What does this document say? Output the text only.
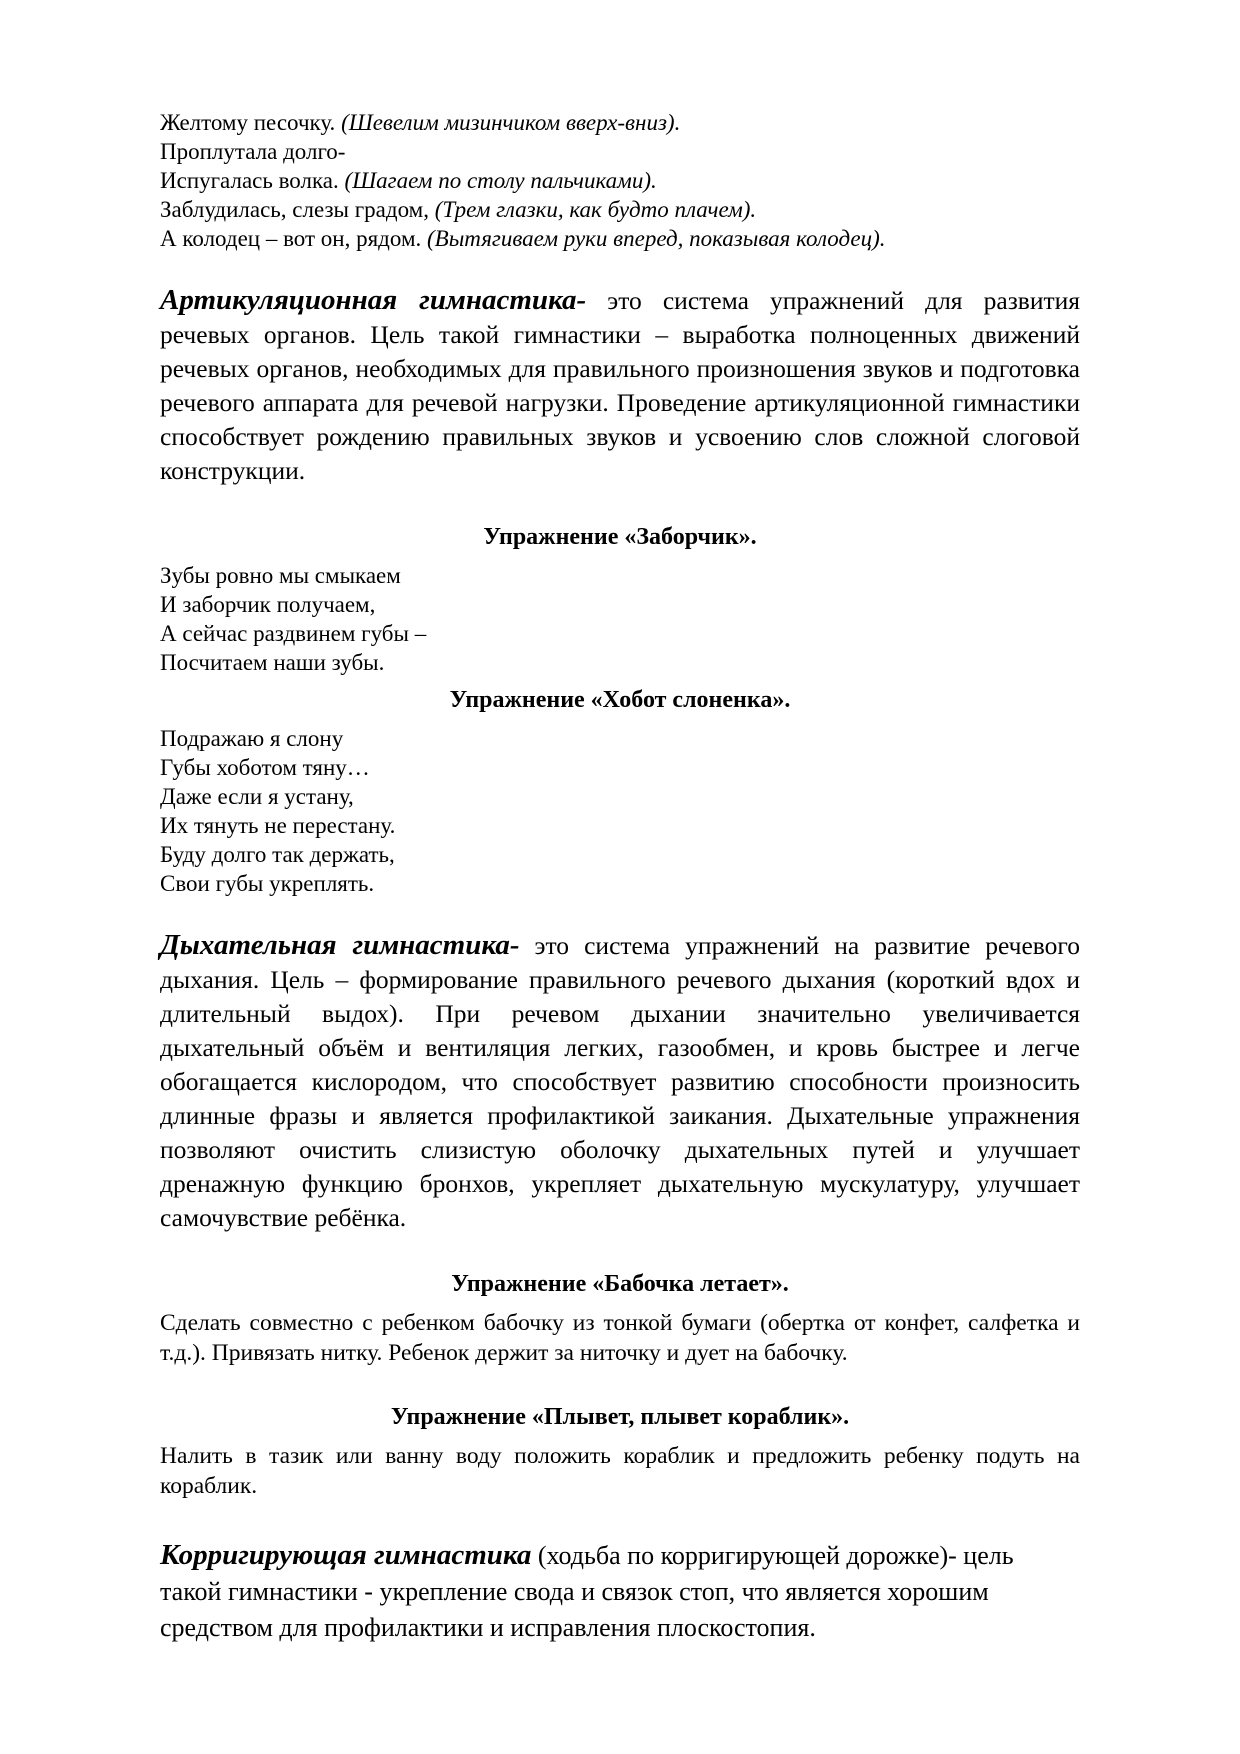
Желтому песочку. (Шевелим мизинчиком вверх-вниз).

Проплутала долго-

Испугалась волка. (Шагаем по столу пальчиками).

Заблудилась, слезы градом, (Трем глазки, как будто плачем).

А колодец – вот он, рядом. (Вытягиваем руки вперед, показывая колодец).

Артикуляционная гимнастика- это система упражнений для развития речевых органов. Цель такой гимнастики – выработка полноценных движений речевых органов, необходимых для правильного произношения звуков и подготовка речевого аппарата для речевой нагрузки. Проведение артикуляционной гимнастики способствует рождению правильных звуков и усвоению слов сложной слоговой конструкции.

Упражнение «Заборчик».

Зубы ровно мы смыкаем

И заборчик получаем,

А сейчас раздвинем губы –

Посчитаем наши зубы.

Упражнение «Хобот слоненка».

Подражаю я слону

Губы хоботом тяну…

Даже если я устану,

Их тянуть не перестану.

Буду долго так держать,

Свои губы укреплять.

Дыхательная гимнастика- это система упражнений на развитие речевого дыхания. Цель – формирование правильного речевого дыхания (короткий вдох и длительный выдох). При речевом дыхании значительно увеличивается дыхательный объём и вентиляция легких, газообмен, и кровь быстрее и легче обогащается кислородом, что способствует развитию способности произносить длинные фразы и является профилактикой заикания. Дыхательные упражнения позволяют очистить слизистую оболочку дыхательных путей и улучшает дренажную функцию бронхов, укрепляет дыхательную мускулатуру, улучшает самочувствие ребёнка.

Упражнение «Бабочка летает».

Сделать совместно с ребенком бабочку из тонкой бумаги (обертка от конфет, салфетка и т.д.). Привязать нитку. Ребенок держит за ниточку и дует на бабочку.

Упражнение «Плывет, плывет кораблик».

Налить в тазик или ванну воду положить кораблик и предложить ребенку подуть на кораблик.

Корригирующая гимнастика (ходьба по корригирующей дорожке)- цель такой гимнастики - укрепление свода и связок стоп, что является хорошим средством для профилактики и исправления плоскостопия.
